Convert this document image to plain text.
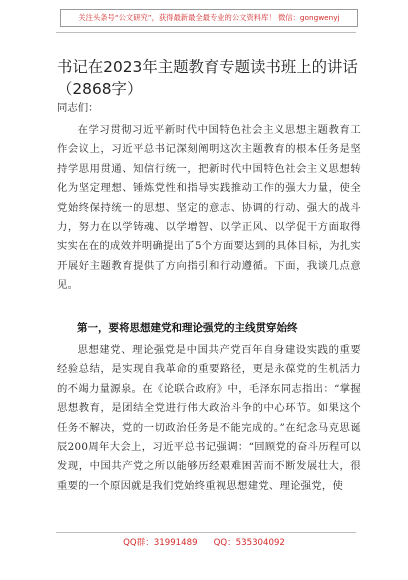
关注头条号“公文研究”，获得最新最全最专业的公文资料库！ 微信：gongwenyj
书记在2023年主题教育专题读书班上的讲话（2868字）
同志们：

在学习贯彻习近平新时代中国特色社会主义思想主题教育工作会议上，习近平总书记深刻阐明这次主题教育的根本任务是坚持学思用贯通、知信行统一，把新时代中国特色社会主义思想转化为坚定理想、锤炼党性和指导实践推动工作的强大力量，使全党始终保持统一的思想、坚定的意志、协调的行动、强大的战斗力，努力在以学铸魂、以学增智、以学正风、以学促干方面取得实实在在的成效并明确提出了5个方面要达到的具体目标，为扎实开展好主题教育提供了方向指引和行动遵循。下面，我谈几点意见。

第一，要将思想建党和理论强党的主线贯穿始终

思想建党、理论强党是中国共产党百年自身建设实践的重要经验总结，是实现自我革命的重要路径，更是永葆党的生机活力的不竭力量源泉。在《论联合政府》中，毛泽东同志指出：“掌握思想教育，是团结全党进行伟大政治斗争的中心环节。如果这个任务不解决，党的一切政治任务是不能完成的。”在纪念马克思诞辰200周年大会上，习近平总书记强调：“回顾党的奋斗历程可以发现，中国共产党之所以能够历经艰难困苦而不断发展壮大，很重要的一个原因就是我们党始终重视思想建党、理论强党，使

QQ群：31991489 QQ：535304092
